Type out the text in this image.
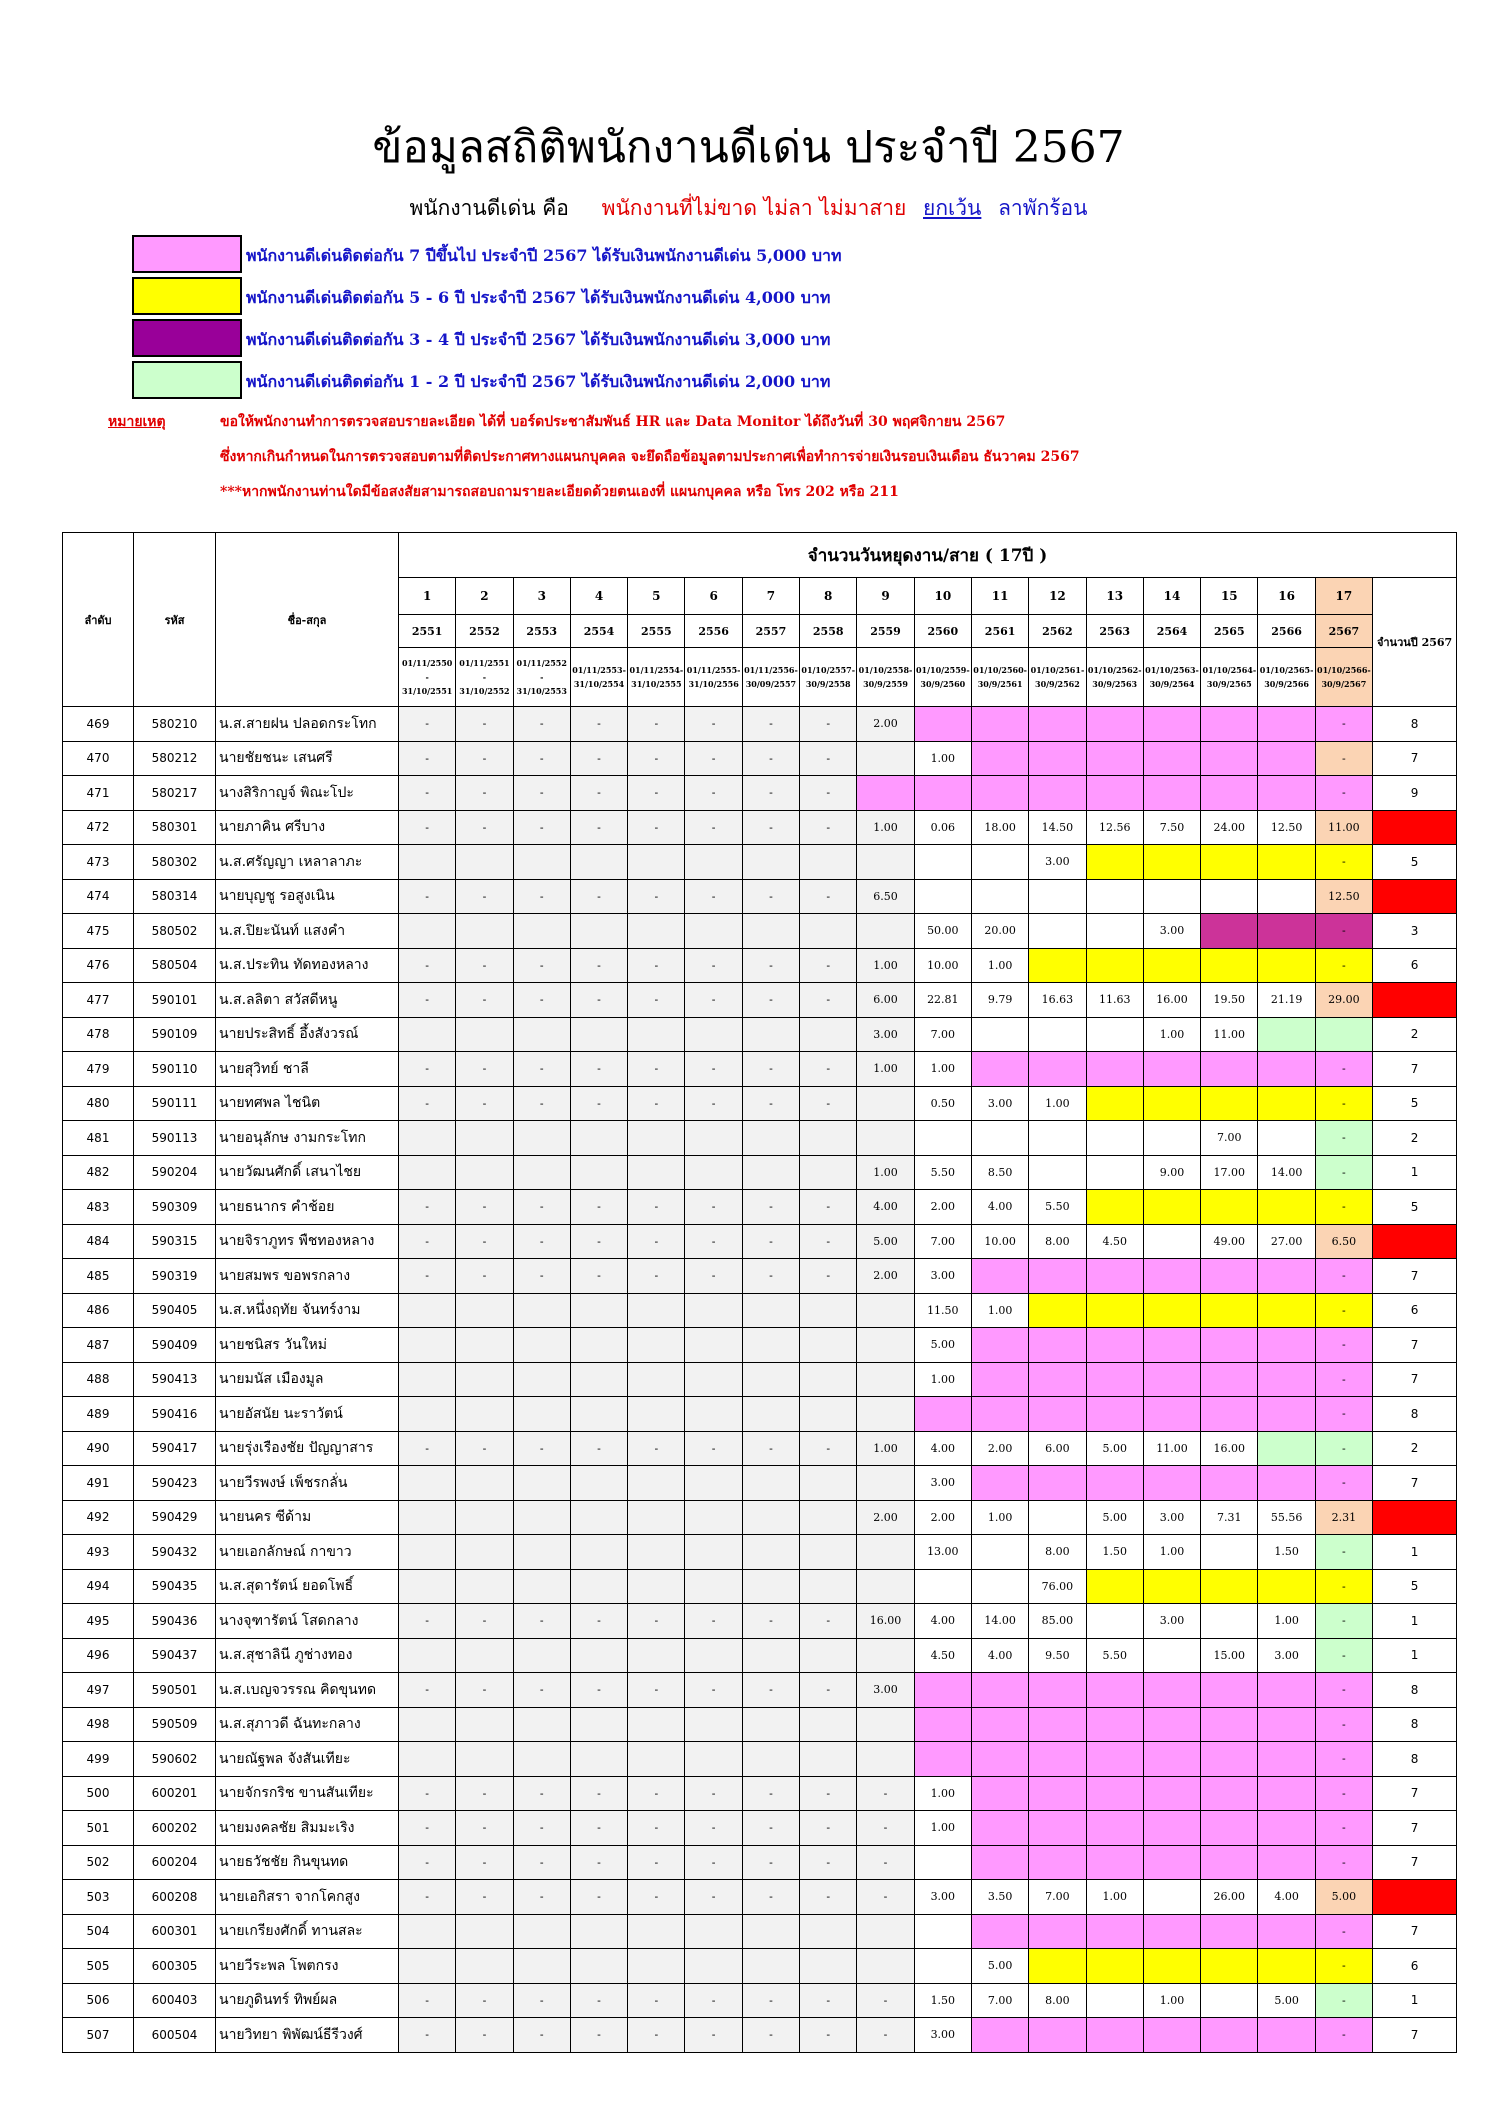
ข้อมูลสถิติพนักงานดีเด่น ประจำปี 2567
พนักงานดีเด่น คือ พนักงานที่ไม่ขาด ไม่ลา ไม่มาสาย ยกเว้น ลาพักร้อน
พนักงานดีเด่นติดต่อกัน 7 ปีขึ้นไป ประจำปี 2567 ได้รับเงินพนักงานดีเด่น 5,000 บาท
พนักงานดีเด่นติดต่อกัน 5 - 6 ปี ประจำปี 2567 ได้รับเงินพนักงานดีเด่น 4,000 บาท
พนักงานดีเด่นติดต่อกัน 3 - 4 ปี ประจำปี 2567 ได้รับเงินพนักงานดีเด่น 3,000 บาท
พนักงานดีเด่นติดต่อกัน 1 - 2 ปี ประจำปี 2567 ได้รับเงินพนักงานดีเด่น 2,000 บาท
หมายเหตุ	ขอให้พนักงานทำการตรวจสอบรายละเอียด ได้ที่ บอร์ดประชาสัมพันธ์ HR และ Data Monitor ได้ถึงวันที่ 30 พฤศจิกายน 2567
ซึ่งหากเกินกำหนดในการตรวจสอบตามที่ติดประกาศทางแผนกบุคคล จะยึดถือข้อมูลตามประกาศเพื่อทำการจ่ายเงินรอบเงินเดือน ธันวาคม 2567
***หากพนักงานท่านใดมีข้อสงสัยสามารถสอบถามรายละเอียดด้วยตนเองที่ แผนกบุคคล หรือ โทร 202 หรือ 211
ลำดับ	รหัส	ชื่อ-สกุล	จำนวนวันหยุดงาน/สาย ( 17ปี )																	
			1	2	3	4	5	6	7	8	9	10	11	12	13	14	15	16	17	จำนวนปี 2567
			2551	2552	2553	2554	2555	2556	2557	2558	2559	2560	2561	2562	2563	2564	2565	2566	2567	
			01/11/2550 - 31/10/2551	01/11/2551 - 31/10/2552	01/11/2552 - 31/10/2553	01/11/2553- 31/10/2554	01/11/2554- 31/10/2555	01/11/2555- 31/10/2556	01/11/2556- 30/09/2557	01/10/2557- 30/9/2558	01/10/2558- 30/9/2559	01/10/2559- 30/9/2560	01/10/2560- 30/9/2561	01/10/2561- 30/9/2562	01/10/2562- 30/9/2563	01/10/2563- 30/9/2564	01/10/2564- 30/9/2565	01/10/2565- 30/9/2566	01/10/2566- 30/9/2567	
469	580210	น.ส.สายฝน ปลอดกระโทก	-	-	-	-	-	-	-	-	2.00								-	8
470	580212	นายชัยชนะ เสนศรี	-	-	-	-	-	-	-	-		1.00							-	7
471	580217	นางสิริกาญจ์ พิณะโปะ	-	-	-	-	-	-	-	-									-	9
472	580301	นายภาคิน ศรีบาง	-	-	-	-	-	-	-	-	1.00	0.06	18.00	14.50	12.56	7.50	24.00	12.50	11.00	
473	580302	น.ส.ศรัญญา เหลาลาภะ												3.00					-	5
474	580314	นายบุญชู รอสูงเนิน	-	-	-	-	-	-	-	-	6.50								12.50	
475	580502	น.ส.ปิยะนันท์ แสงคำ										50.00	20.00			3.00			-	3
476	580504	น.ส.ประทิน ทัดทองหลาง	-	-	-	-	-	-	-	-	1.00	10.00	1.00						-	6
477	590101	น.ส.ลลิตา สวัสดีหนู	-	-	-	-	-	-	-	-	6.00	22.81	9.79	16.63	11.63	16.00	19.50	21.19	29.00	
478	590109	นายประสิทธิ์ อึ้งสังวรณ์									3.00	7.00				1.00	11.00			2
479	590110	นายสุวิทย์ ชาลี	-	-	-	-	-	-	-	-	1.00	1.00							-	7
480	590111	นายทศพล ไชนิต	-	-	-	-	-	-	-	-		0.50	3.00	1.00					-	5
481	590113	นายอนุลักษ งามกระโทก															7.00		-	2
482	590204	นายวัฒนศักดิ์ เสนาไชย									1.00	5.50	8.50			9.00	17.00	14.00	-	1
483	590309	นายธนากร คำช้อย	-	-	-	-	-	-	-	-	4.00	2.00	4.00	5.50					-	5
484	590315	นายจิราภูทร พืชทองหลาง	-	-	-	-	-	-	-	-	5.00	7.00	10.00	8.00	4.50		49.00	27.00	6.50	
485	590319	นายสมพร ขอพรกลาง	-	-	-	-	-	-	-	-	2.00	3.00							-	7
486	590405	น.ส.หนึ่งฤทัย จันทร์งาม										11.50	1.00						-	6
487	590409	นายชนิสร วันใหม่										5.00							-	7
488	590413	นายมนัส เมืองมูล										1.00							-	7
489	590416	นายอัสนัย นะราวัตน์																	-	8
490	590417	นายรุ่งเรืองชัย ปัญญาสาร	-	-	-	-	-	-	-	-	1.00	4.00	2.00	6.00	5.00	11.00	16.00		-	2
491	590423	นายวีรพงษ์ เพ็ชรกลั่น										3.00							-	7
492	590429	นายนคร ซีด้าม									2.00	2.00	1.00		5.00	3.00	7.31	55.56	2.31	
493	590432	นายเอกลักษณ์ กาขาว										13.00		8.00	1.50	1.00		1.50	-	1
494	590435	น.ส.สุดารัตน์ ยอดโพธิ์												76.00					-	5
495	590436	นางจุฑารัตน์ โสดกลาง	-	-	-	-	-	-	-	-	16.00	4.00	14.00	85.00		3.00		1.00	-	1
496	590437	น.ส.สุชาลินี ภูช่างทอง										4.50	4.00	9.50	5.50		15.00	3.00	-	1
497	590501	น.ส.เบญจวรรณ คิดขุนทด	-	-	-	-	-	-	-	-	3.00								-	8
498	590509	น.ส.สุภาวดี ฉันทะกลาง																	-	8
499	590602	นายณัฐพล จังสันเทียะ																	-	8
500	600201	นายจักรกริช ขานสันเทียะ	-	-	-	-	-	-	-	-	-	1.00							-	7
501	600202	นายมงคลชัย สิมมะเริง	-	-	-	-	-	-	-	-	-	1.00							-	7
502	600204	นายธวัชชัย กินขุนทด	-	-	-	-	-	-	-	-	-								-	7
503	600208	นายเอกิสรา จากโคกสูง	-	-	-	-	-	-	-	-	-	3.00	3.50	7.00	1.00		26.00	4.00	5.00	
504	600301	นายเกรียงศักดิ์ ทานสละ																	-	7
505	600305	นายวีระพล โพตกรง											5.00						-	6
506	600403	นายภูดินทร์ ทิพย์ผล	-	-	-	-	-	-	-	-	-	1.50	7.00	8.00		1.00		5.00	-	1
507	600504	นายวิทยา พิพัฒน์ธีรีวงศ์	-	-	-	-	-	-	-	-	-	3.00							-	7
